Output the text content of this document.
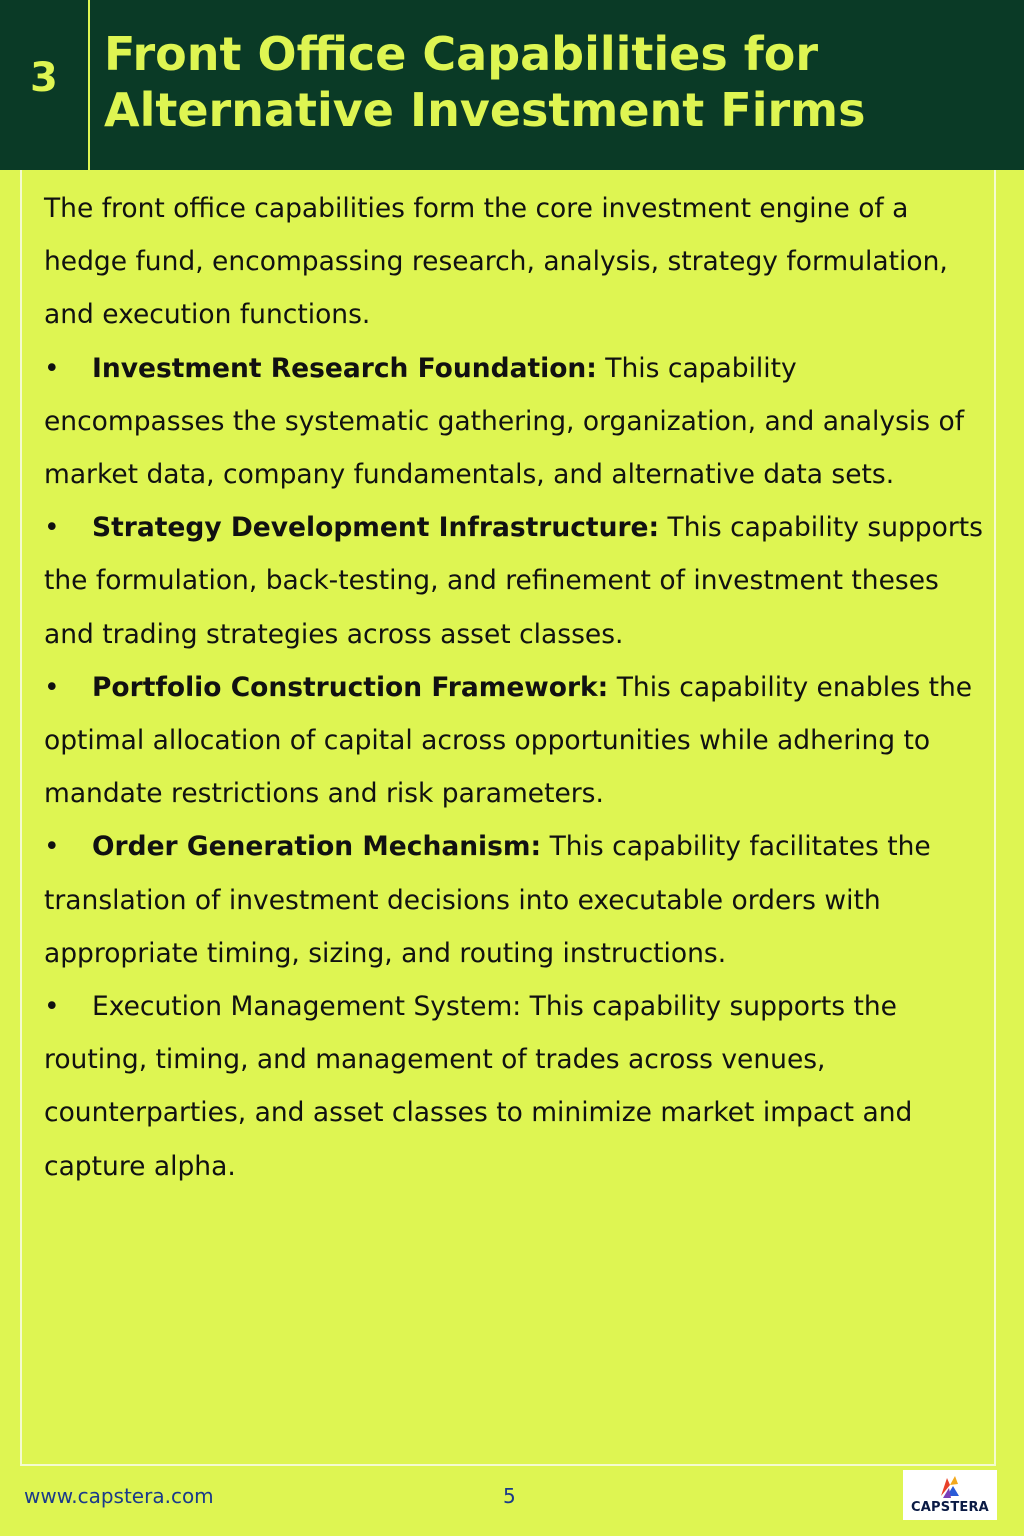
3 Front Office Capabilities for
Alternative Investment Firms

The front office capabilities form the core investment engine of a hedge fund, encompassing research, analysis, strategy formulation, and execution functions.

• Investment Research Foundation: This capability encompasses the systematic gathering, organization, and analysis of market data, company fundamentals, and alternative data sets.

• Strategy Development Infrastructure: This capability supports the formulation, back-testing, and refinement of investment theses and trading strategies across asset classes.

• Portfolio Construction Framework: This capability enables the optimal allocation of capital across opportunities while adhering to mandate restrictions and risk parameters.

• Order Generation Mechanism: This capability facilitates the translation of investment decisions into executable orders with appropriate timing, sizing, and routing instructions.

• Execution Management System: This capability supports the routing, timing, and management of trades across venues, counterparties, and asset classes to minimize market impact and capture alpha.

www.capstera.com	5	CAPSTERA
